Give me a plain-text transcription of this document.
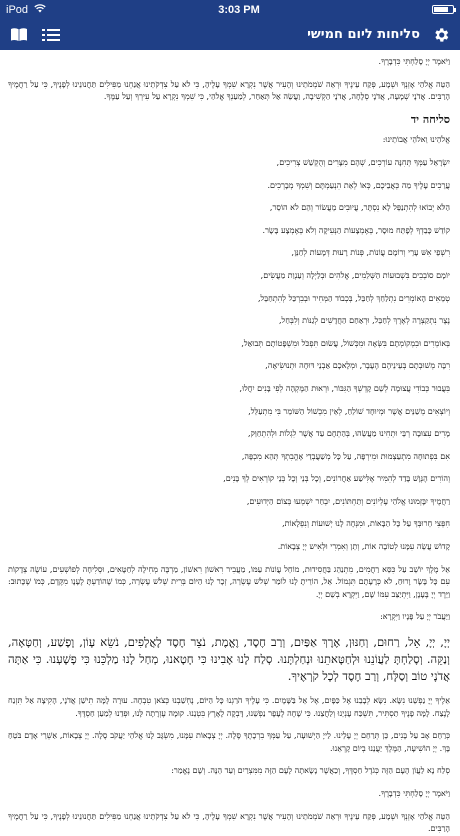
iPod	3:03 PM
סליחות ליום חמישי

וַיֹּאמֶר יְיָ סָלַחְתִּי כִּדְבָרֶךָ.

הַטֵּה אֱלֹהַי אָזְנְךָ וּשְׁמָע, פְּקַח עֵינֶיךָ וּרְאֵה שֹׁמְמֹתֵינוּ וְהָעִיר אֲשֶׁר נִקְרָא שִׁמְךָ עָלֶיהָ, כִּי לֹא עַל צִדְקֹתֵינוּ אֲנַחְנוּ מַפִּילִים תַּחֲנוּנֵינוּ לְפָנֶיךָ, כִּי עַל רַחֲמֶיךָ הָרַבִּים. אֲדֹנָי שְׁמָעָה, אֲדֹנָי סְלָחָה, אֲדֹנָי הַקְשִׁיבָה, וַעֲשֵׂה אַל תְּאַחַר, לְמַעַנְךָ אֱלֹהַי, כִּי שִׁמְךָ נִקְרָא עַל עִירְךָ וְעַל עַמֶּךָ.

סליחה יד

אֱלֹהֵינוּ וֵאלֹהֵי אֲבוֹתֵינוּ:

יִשְׂרָאֵל עַמְּךָ תְּחִנָּה עוֹרְכִים, שְׁהֶם מִצָּרִים וְהֻקְשַׁשׁ צְרִיכִים,

עֲרֵכִים עָלֶיךָ מַה כְּאֲבֵיכֶם, כְּאוֹ לְאֵת הִנְעַמְתֶּם וְשִׁמְךָ מְבָרְכִים.

הַלֹּא יְבוֹאוּ לְהִתְנַפֵּל לָא נִסְתָּר, עֲיוּבִים מֵעֲשׂוֹר וְהֵם לֹא הוֹסֵר,

קוֹדֵשׁ כָּבֵדְךָ לְפָתֵּח מוּסָר, בְּאֶמְצָעוֹת הַנְּעִיקָה וְלֹא בְּאֶמְצָע בָּשָׂר.

רִשְׁפֵי אִשּׁ עָרֵי וְרוֹמָם עֲוֹנוֹת, פְּנוֹת רָעוּת דְּמָעוֹת לְחַנֵּן,

יוֹמָם סוֹבְבִים בִּשְׁבוּעוֹת הַשְּׁלֵמִים, אֱלֹהִים וּבְלַיְלָה וְעַנְוַת מַעֲשִׂים,

טְמֵאִים הָאוֹמְרִים נִתְלַחֵךְ לְחַבֵּל, בְּכְבוֹד הַמְּחִיר וּבְבִרְכַּל לְהִתְחַבֵּל,

נֶצֶר נִתְקַצְרָה לְאֶרֶךְ לְחַבֵּל, וּרְאַחַם הַחֲדָשִׁים לְגַנּוֹת וְלִבְּחַל,

בְּאוֹמְרִים וּבִמְקוֹמְתָם בִּשְּׂאָה וּמִכְּשׁוֹל, עֲשׂוּם תִּפְכֹּל וּמִשְׁפָּטוֹתָם תְּבוּאַל,

רִבָּה מְשׁוּבְתָם בְּעֵינֵיהֶם הֶעָבֶר, וּמְלָאכָם אַבְנֵי דּוּחָה וּתְנוּשִׂיאָה,

בִּעֲבוּר כְּבוֹדִי עֲצוּמָה לְשֵׁם קָדְשְׁךָ הַגִּבּוֹר, וּרְאוּת הַמֶּקְהָה לְפִי בָּנִים יִחֲלוּ,

וְיוֹצְאִים מְשַׁנֵּים אֲשֶׁר וּמְיוּחָד שׁוֹלֵחַ, לְאֵין מִכְשׁוֹל הַשּׁוֹמֵר בִּי מִתְעַלֵּל,

מָרִים עִצּוּבָה רְבֵּי וּתְחִינוּ מַעֲשֵׂהוּ, בְּהַתְחָם עַד אֲשֶׁר לִגְלוֹת וּלְהִתְחַוֵּק,

אִם בִּפְתוּחָה מִתְעַצְמוּת וּמִירְפָּה, עַל כָּל מְשַׁעֲבְדֵי אֶהֱבִתְךָ תְּהֵא מִכְפָּה,

וְהוֹרִים הֶנְּוָשׁ בָּדַד לְהִמִּיר אֶלִּישַׁע אַחֲרוֹנִים, וְכָל בְּנֵי וְכָל בְּנֵי קוֹרְאִים לְךָ בָּנִים,

רַחֲמֶיךָ יִבָּזְמוּנוּ אֱלֹהַי עֶלְיוֹנִים וְתַחְתּוֹנִים, יִבְחַר יִשְׁמְעוּ בְּצוֹם הַיְּדוּעִים,

חִפְּצִי חֵרוּבְּךָ עַל כָּל הַבָּאוֹת, וּמִנְּחָה לָנוּ יְשׁוּעוֹת וְנִפְלָאוֹת,

קָדוֹשׁ עֲשֵׂה עִמָּנוּ לְטוֹבָה אוֹת, וְתֵן וְאִמְרִי וּלְאִיש יְיָ צְבָאוֹת.

אֵל מֶלֶךְ יוֹשֵׁב עַל כִּסֵּא רַחֲמִים, מִתְנַהֵג בַּחֲסִידוּת, מוֹחֵל עֲוֹנוֹת עַמּוֹ, מַעֲבִיר רִאשׁוֹן רִאשׁוֹן, מַרְבֶּה מְחִילָה לְחַטָּאִים, וּסְלִיחָה לְפוֹשְׁעִים, עוֹשֶׂה צְדָקוֹת עִם כָּל בָּשָׂר וָרוּחַ, לֹא כְּרָעָתָם תִּגְמוֹל. אֵל, הוֹרֵיתָ לָנוּ לוֹמַר שְׁלֹשׁ עֶשְׂרֵה, זְכָר לָנוּ הַיּוֹם בְּרִית שְׁלֹשׁ עֶשְׂרֵה, כְּמוֹ שֶׁהוֹדַעְתָּ לֶעָנָו מִקֶּדֶם, כְּמוֹ שֶׁכָּתוּב: וַיֵּרֶד יְיָ בֶּעָנָן, וַיִּתְיַצֵּב עִמּוֹ שָׁם, וַיִּקְרָא בְשֵׁם יְיָ.

וַיַּעֲבֹר יְיָ עַל פָּנָיו וַיִּקְרָא:

יְיָ, יְיָ, אֵל, רַחוּם, וְחַנּוּן, אֶרֶךְ אַפַּיִם, וְרַב חֶסֶד, וֶאֱמֶת, נֹצֵר חֶסֶד לָאֲלָפִים, נֹשֵׂא עָוֹן, וָפֶשַׁע, וְחַטָּאָה, וְנַקֵּה. וְסָלַחְתָּ לַעֲוֹנֵנוּ וּלְחַטָּאתֵנוּ וּנְחַלְתָּנוּ. סְלַח לָנוּ אָבִינוּ כִּי חָטָאנוּ, מְחַל לָנוּ מַלְכֵּנוּ כִּי פָשָׁעְנוּ. כִּי אַתָּה אֲדֹנָי טוֹב וְסַלָּח, וְרַב חֶסֶד לְכָל קֹרְאֶיךָ.

אֵלֶיךָ יְיָ נַפְשֵׁנוּ נִשָּׂא. נִשָּׂא לְבָבֵנוּ אֶל כַּפָּיִם, אֶל אֵל בַּשָּׁמָיִם. כִּי עָלֶיךָ הֹרַגְנוּ כָּל הַיּוֹם, נֶחְשַׁבְנוּ כְּצֹאן טִבְחָה. עוּרָה לָמָּה תִישַׁן אֲדֹנָי, הָקִיצָה אַל תִּזְנַח לָנֶצַח. לָמָּה פָנֶיךָ תַסְתִּיר, תִּשְׁכַּח עָנְיֵנוּ וְלַחֲצֵנוּ. כִּי שָׁחָה לֶעָפָר נַפְשֵׁנוּ, דָּבְקָה לָאָרֶץ בִּטְנֵנוּ. קוּמָה עֶזְרָתָה לָּנוּ, וּפְדֵנוּ לְמַעַן חַסְדֶּךָ.

כְּרַחֵם אָב עַל בָּנִים, כֵּן תְּרַחֵם יְיָ עָלֵינוּ. לַייָ הַיְשׁוּעָה, עַל עַמְּךָ בִרְכָתֶךָ סֶּלָה. יְיָ צְבָאוֹת עִמָּנוּ, מִשְׂגָּב לָנוּ אֱלֹהֵי יַעֲקֹב סֶלָה. יְיָ צְבָאוֹת, אַשְׁרֵי אָדָם בֹּטֵחַ בָּךְ. יְיָ הוֹשִׁיעָה, הַמֶּלֶךְ יַעֲנֵנוּ בְיוֹם קָרְאֵנוּ.

סְלַח נָא לַעֲוֹן הָעָם הַזֶּה כְּגֹדֶל חַסְדֶּךָ, וְכַאֲשֶׁר נָשָׂאתָה לָעָם הַזֶּה מִמִּצְרַיִם וְעַד הֵנָּה. וְשָׁם נֶאֱמַר:

וַיֹּאמֶר יְיָ סָלַחְתִּי כִּדְבָרֶךָ.

הַטֵּה אֱלֹהַי אָזְנְךָ וּשְׁמָע, פְּקַח עֵינֶיךָ וּרְאֵה שֹׁמְמֹתֵינוּ וְהָעִיר אֲשֶׁר נִקְרָא שִׁמְךָ עָלֶיהָ, כִּי לֹא עַל צִדְקֹתֵינוּ אֲנַחְנוּ מַפִּילִים תַּחֲנוּנֵינוּ לְפָנֶיךָ, כִּי עַל רַחֲמֶיךָ הָרַבִּים.
